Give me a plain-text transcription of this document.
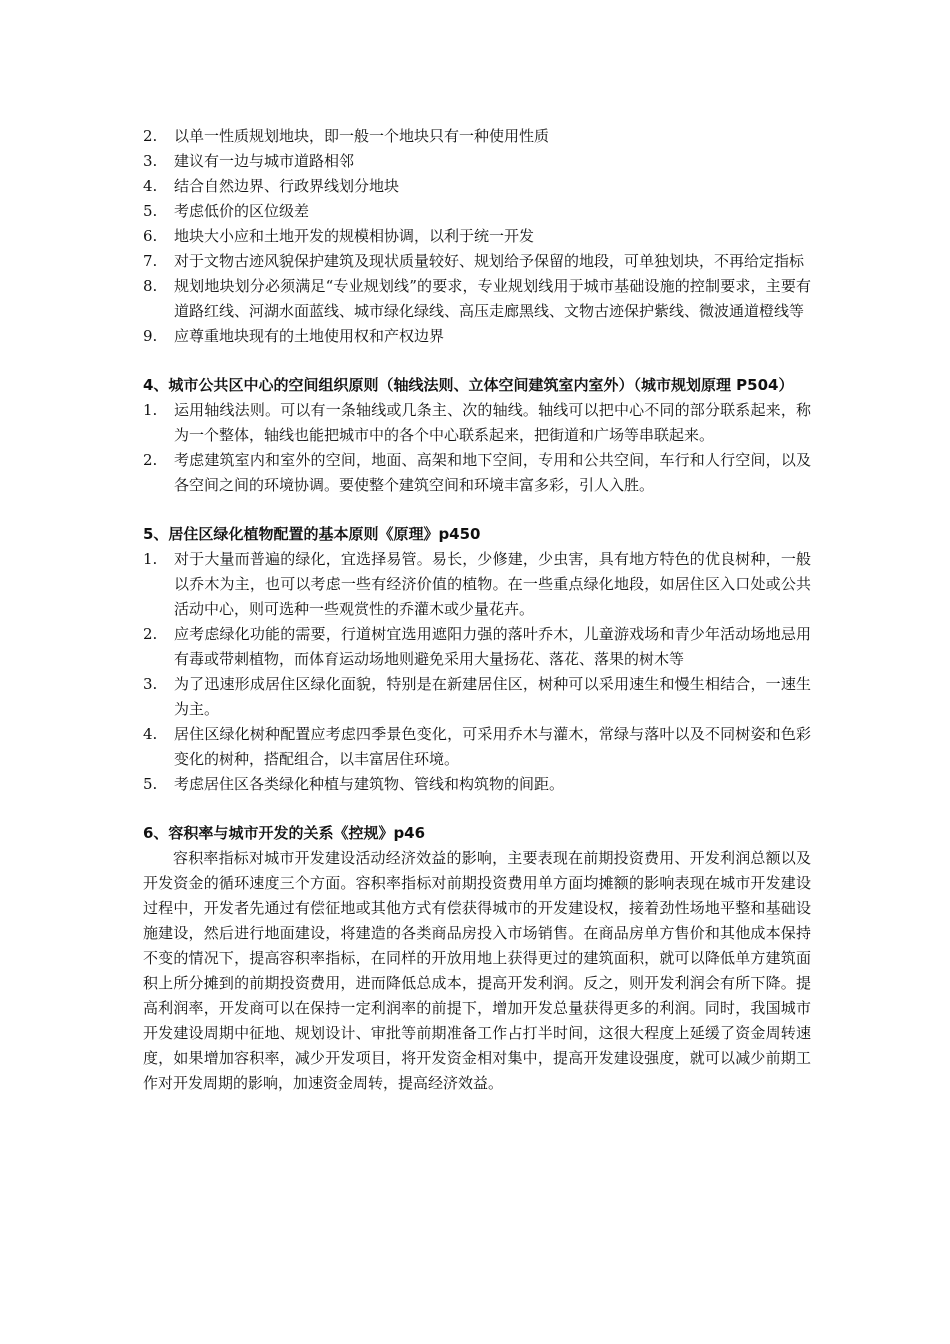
2.	以单一性质规划地块，即一般一个地块只有一种使用性质
3.	建议有一边与城市道路相邻
4.	结合自然边界、行政界线划分地块
5.	考虑低价的区位级差
6.	地块大小应和土地开发的规模相协调，以利于统一开发
7.	对于文物古迹风貌保护建筑及现状质量较好、规划给予保留的地段，可单独划块，不再给定指标
8.	规划地块划分必须满足“专业规划线”的要求，专业规划线用于城市基础设施的控制要求，主要有道路红线、河湖水面蓝线、城市绿化绿线、高压走廊黑线、文物古迹保护紫线、微波通道橙线等
9.	应尊重地块现有的土地使用权和产权边界
4、城市公共区中心的空间组织原则（轴线法则、立体空间建筑室内室外）（城市规划原理 P504）
1.	运用轴线法则。可以有一条轴线或几条主、次的轴线。轴线可以把中心不同的部分联系起来，称为一个整体，轴线也能把城市中的各个中心联系起来，把街道和广场等串联起来。
2.	考虑建筑室内和室外的空间，地面、高架和地下空间，专用和公共空间，车行和人行空间，以及各空间之间的环境协调。要使整个建筑空间和环境丰富多彩，引人入胜。
5、居住区绿化植物配置的基本原则《原理》p450
1.	对于大量而普遍的绿化，宜选择易管。易长，少修建，少虫害，具有地方特色的优良树种，一般以乔木为主，也可以考虑一些有经济价值的植物。在一些重点绿化地段，如居住区入口处或公共活动中心，则可选种一些观赏性的乔灌木或少量花卉。
2.	应考虑绿化功能的需要，行道树宜选用遮阳力强的落叶乔木，儿童游戏场和青少年活动场地忌用有毒或带刺植物，而体育运动场地则避免采用大量扬花、落花、落果的树木等
3.	为了迅速形成居住区绿化面貌，特别是在新建居住区，树种可以采用速生和慢生相结合，一速生为主。
4.	居住区绿化树种配置应考虑四季景色变化，可采用乔木与灌木，常绿与落叶以及不同树姿和色彩变化的树种，搭配组合，以丰富居住环境。
5.	考虑居住区各类绿化种植与建筑物、管线和构筑物的间距。
6、容积率与城市开发的关系《控规》p46

容积率指标对城市开发建设活动经济效益的影响，主要表现在前期投资费用、开发利润总额以及开发资金的循环速度三个方面。容积率指标对前期投资费用单方面均摊额的影响表现在城市开发建设过程中，开发者先通过有偿征地或其他方式有偿获得城市的开发建设权，接着劲性场地平整和基础设施建设，然后进行地面建设，将建造的各类商品房投入市场销售。在商品房单方售价和其他成本保持不变的情况下，提高容积率指标，在同样的开放用地上获得更过的建筑面积，就可以降低单方建筑面积上所分摊到的前期投资费用，进而降低总成本，提高开发利润。反之，则开发利润会有所下降。提高利润率，开发商可以在保持一定利润率的前提下，增加开发总量获得更多的利润。同时，我国城市开发建设周期中征地、规划设计、审批等前期准备工作占打半时间，这很大程度上延缓了资金周转速度，如果增加容积率，减少开发项目，将开发资金相对集中，提高开发建设强度，就可以减少前期工作对开发周期的影响，加速资金周转，提高经济效益。
